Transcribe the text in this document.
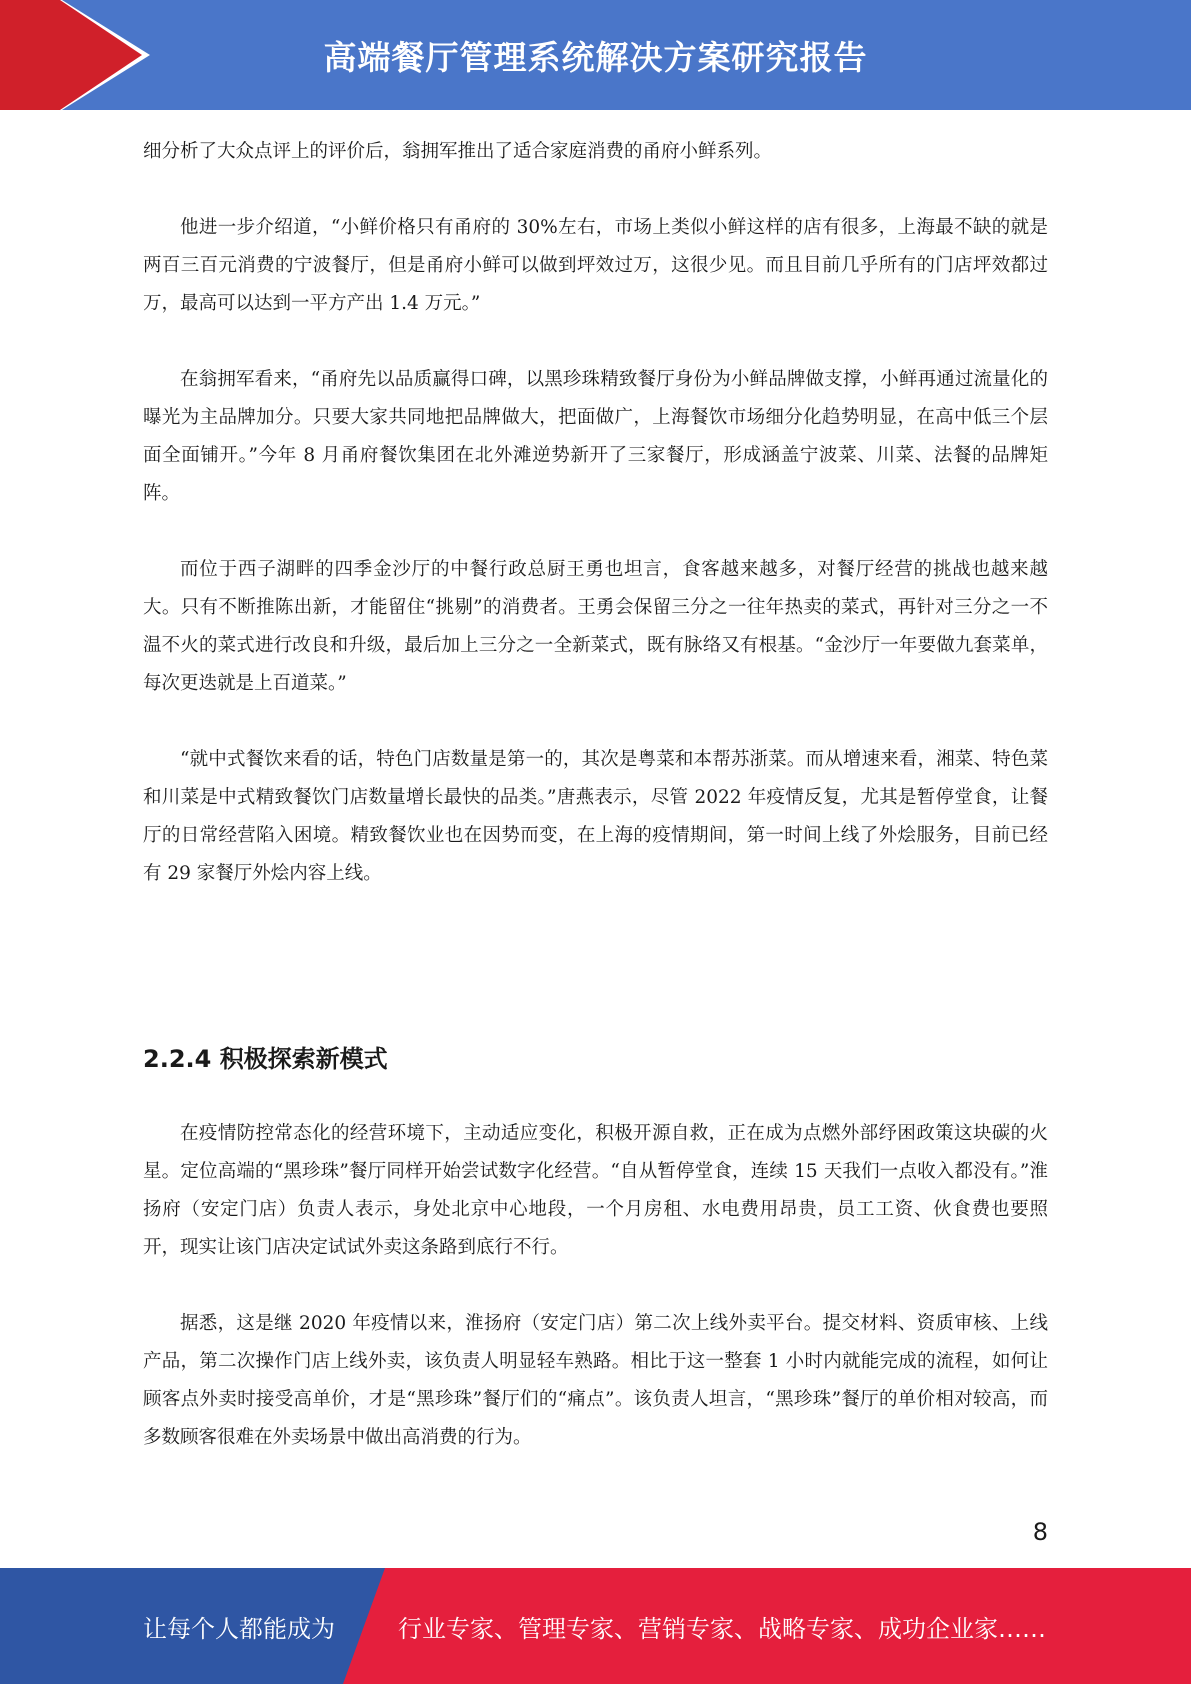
高端餐厅管理系统解决方案研究报告

细分析了大众点评上的评价后，翁拥军推出了适合家庭消费的甬府小鲜系列。

他进一步介绍道，“小鲜价格只有甬府的 30%左右，市场上类似小鲜这样的店有很多，上海最不缺的就是两百三百元消费的宁波餐厅，但是甬府小鲜可以做到坪效过万，这很少见。而且目前几乎所有的门店坪效都过万，最高可以达到一平方产出 1.4 万元。”

在翁拥军看来，“甬府先以品质赢得口碑，以黑珍珠精致餐厅身份为小鲜品牌做支撑，小鲜再通过流量化的曝光为主品牌加分。只要大家共同地把品牌做大，把面做广，上海餐饮市场细分化趋势明显，在高中低三个层面全面铺开。”今年 8 月甬府餐饮集团在北外滩逆势新开了三家餐厅，形成涵盖宁波菜、川菜、法餐的品牌矩阵。

而位于西子湖畔的四季金沙厅的中餐行政总厨王勇也坦言，食客越来越多，对餐厅经营的挑战也越来越大。只有不断推陈出新，才能留住“挑剔”的消费者。王勇会保留三分之一往年热卖的菜式，再针对三分之一不温不火的菜式进行改良和升级，最后加上三分之一全新菜式，既有脉络又有根基。“金沙厅一年要做九套菜单，每次更迭就是上百道菜。”

“就中式餐饮来看的话，特色门店数量是第一的，其次是粤菜和本帮苏浙菜。而从增速来看，湘菜、特色菜和川菜是中式精致餐饮门店数量增长最快的品类。”唐燕表示，尽管 2022 年疫情反复，尤其是暂停堂食，让餐厅的日常经营陷入困境。精致餐饮业也在因势而变，在上海的疫情期间，第一时间上线了外烩服务，目前已经有 29 家餐厅外烩内容上线。

2.2.4 积极探索新模式

在疫情防控常态化的经营环境下，主动适应变化，积极开源自救，正在成为点燃外部纾困政策这块碳的火星。定位高端的“黑珍珠”餐厅同样开始尝试数字化经营。“自从暂停堂食，连续 15 天我们一点收入都没有。”淮扬府（安定门店）负责人表示，身处北京中心地段，一个月房租、水电费用昂贵，员工工资、伙食费也要照开，现实让该门店决定试试外卖这条路到底行不行。

据悉，这是继 2020 年疫情以来，淮扬府（安定门店）第二次上线外卖平台。提交材料、资质审核、上线产品，第二次操作门店上线外卖，该负责人明显轻车熟路。相比于这一整套 1 小时内就能完成的流程，如何让顾客点外卖时接受高单价，才是“黑珍珠”餐厅们的“痛点”。该负责人坦言，“黑珍珠”餐厅的单价相对较高，而多数顾客很难在外卖场景中做出高消费的行为。

8
让每个人都能成为	行业专家、管理专家、营销专家、战略专家、成功企业家……
